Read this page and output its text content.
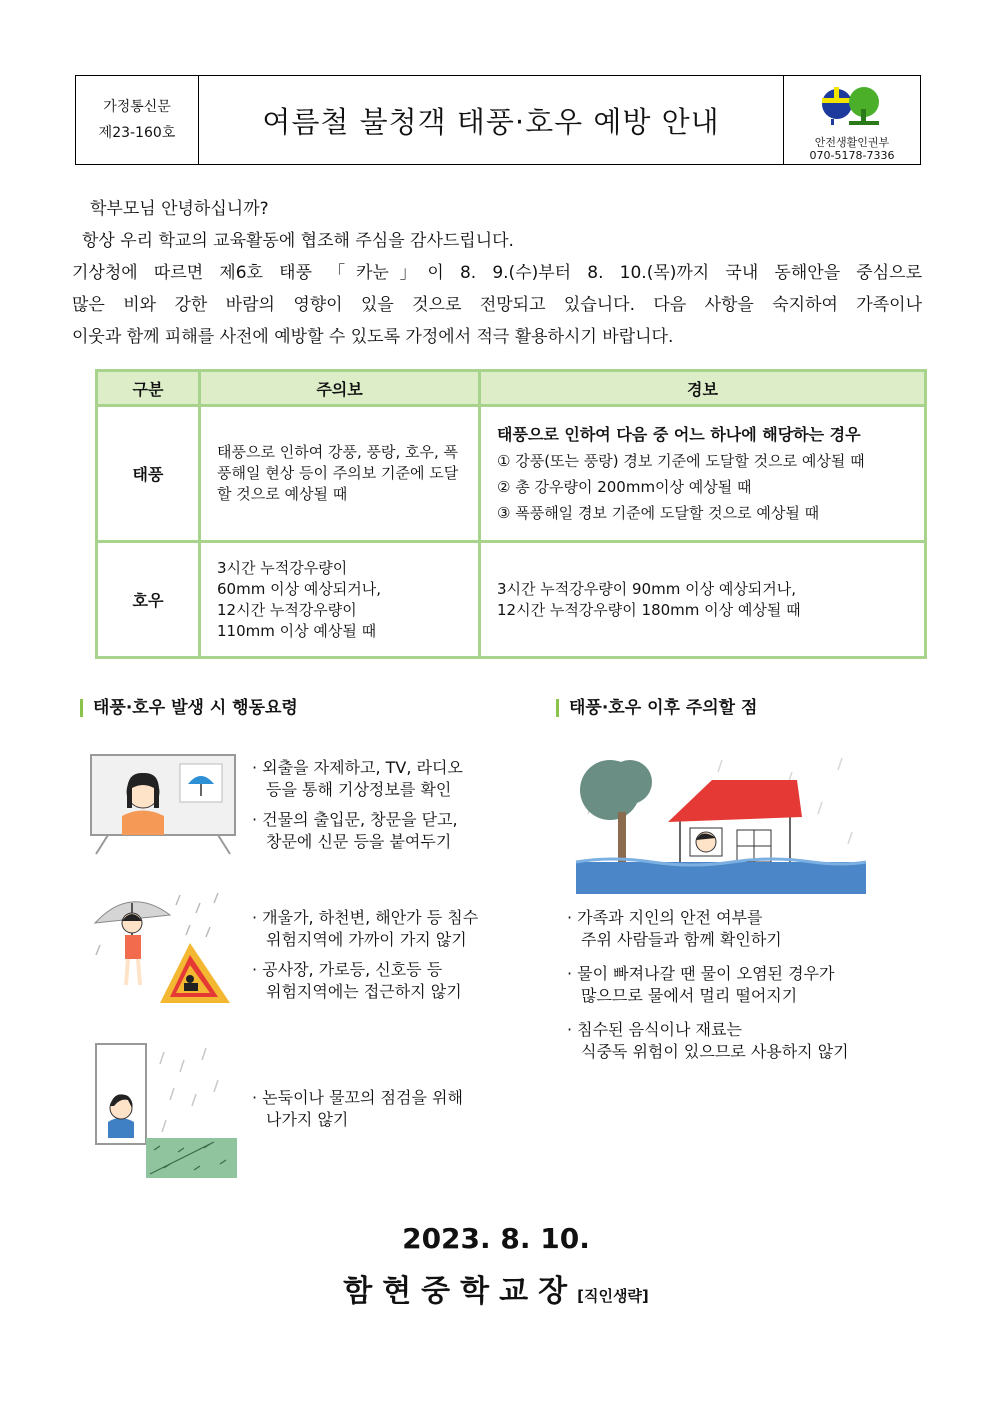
가정통신문
제23-160호	여름철 불청객 태풍·호우 예방 안내
안전생활인권부
070-5178-7336

학부모님 안녕하십니까?

항상 우리 학교의 교육활동에 협조해 주심을 감사드립니다.

기상청에 따르면 제6호 태풍 「카눈」이 8. 9.(수)부터 8. 10.(목)까지 국내 동해안을 중심으로

많은 비와 강한 바람의 영향이 있을 것으로 전망되고 있습니다. 다음 사항을 숙지하여 가족이나

이웃과 함께 피해를 사전에 예방할 수 있도록 가정에서 적극 활용하시기 바랍니다.

구분	주의보	경보
태풍	태풍으로 인하여 강풍, 풍랑, 호우, 폭풍해일 현상 등이 주의보 기준에 도달할 것으로 예상될 때	태풍으로 인하여 다음 중 어느 하나에 해당하는 경우
① 강풍(또는 풍랑) 경보 기준에 도달할 것으로 예상될 때
② 총 강우량이 200mm이상 예상될 때
③ 폭풍해일 경보 기준에 도달할 것으로 예상될 때
호우	3시간 누적강우량이
60mm 이상 예상되거나,
12시간 누적강우량이
110mm 이상 예상될 때	3시간 누적강우량이 90mm 이상 예상되거나,
12시간 누적강우량이 180mm 이상 예상될 때
태풍·호우 발생 시 행동요령
· 외출을 자제하고, TV, 라디오
등을 통해 기상정보를 확인
· 건물의 출입문, 창문을 닫고,
창문에 신문 등을 붙여두기
· 개울가, 하천변, 해안가 등 침수
위험지역에 가까이 가지 않기
· 공사장, 가로등, 신호등 등
위험지역에는 접근하지 않기
· 논둑이나 물꼬의 점검을 위해
나가지 않기
태풍·호우 이후 주의할 점
· 가족과 지인의 안전 여부를
주위 사람들과 함께 확인하기
· 물이 빠져나갈 땐 물이 오염된 경우가
많으므로 물에서 멀리 떨어지기
· 침수된 음식이나 재료는
식중독 위험이 있으므로 사용하지 않기
2023. 8. 10.
함현중학교장[직인생략]
